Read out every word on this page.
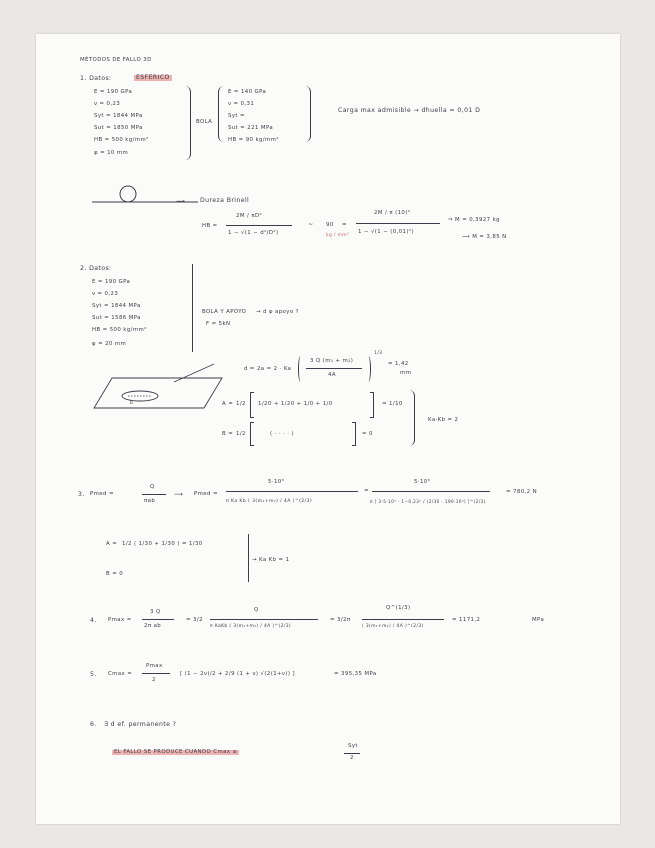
MÉTODOS DE FALLO 3D
1. Datos:	ESFERICO
E = 190 GPa
ν = 0,23
Syt = 1844 MPa
Sut = 1850 MPa
HB = 500 kg/mm²
φ = 10 mm
BOLA
E = 140 GPa
ν = 0,31
Syt =
Sut = 221 MPa
HB = 90 kg/mm²
Carga max admisible → dhuella = 0,01 D
⟶ Dureza Brinell
HB =
2M / πD²
1 − √(1 − d²/D²)
~ 90
kg / mm²
=
2M / π (10)²
1 − √(1 − (0,01)²)
⇒ M = 0,3927 kg
⟶ M = 3,85 N
2. Datos:
E = 190 GPa
ν = 0,23
Syt = 1844 MPa
Sut = 1586 MPa
HB = 500 kg/mm²
φ = 20 mm
BOLA Y APOYO
F = 5kN
→ d φ apoyo ?
d = 2a = 2 · Ka
3 Q (m₁ + m₂)
4A
1/3
= 1,42
mm
b	A = 1/2 1/20 + 1/20 + 1/0 + 1/0	= 1/10
B = 1/2	( · · · · )	= 0
Ka·Kb = 2
3. Pmed =
Q
πab
⟶ Pmed =
5·10³
π Ka Kb ( 3(m₁+m₂) / 4A )^(2/3)
=
5·10³
π [ 3·5·10³ · 1−0,23² / (2/30 · 190·10³) ]^(2/3)
= 780,2 N
A = 1/2 ( 1/30 + 1/30 ) = 1/30
B = 0
→ Ka Kb = 1
4. Pmax =
3 Q
2π ab
= 3/2
Q
π KaKb ( 3(m₁+m₂) / 4A )^(2/3)
= 3/2π
Q^(1/3)
( 3(m₁+m₂) / 4A )^(2/3)
= 1171,2	MPa
5. Cmax =
Pmax
2
[ (1 − 2ν)/2 + 2/9 (1 + ν) √(2(1+ν)) ]	= 395,35 MPa
6. ∃ d ef. permanente ?
EL FALLO SE PRODUCE CUANDO Cmax ≥
Syt
2
